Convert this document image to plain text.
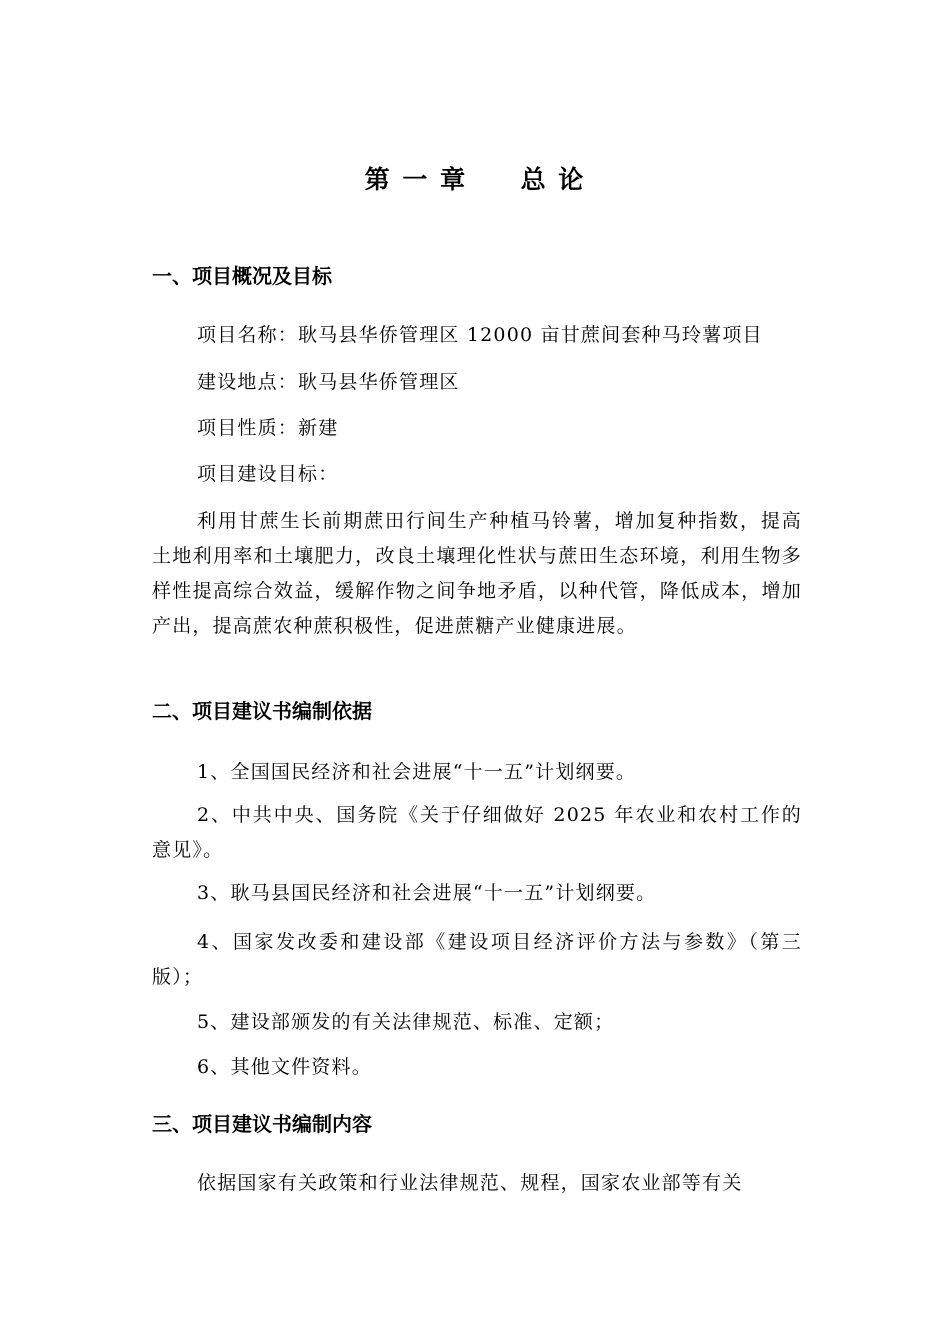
第 一 章     总 论
一、项目概况及目标
项目名称：耿马县华侨管理区 12000 亩甘蔗间套种马玲薯项目
建设地点：耿马县华侨管理区
项目性质：新建
项目建设目标：
利用甘蔗生长前期蔗田行间生产种植马铃薯，增加复种指数，提高土地利用率和土壤肥力，改良土壤理化性状与蔗田生态环境，利用生物多样性提高综合效益，缓解作物之间争地矛盾，以种代管，降低成本，增加产出，提高蔗农种蔗积极性，促进蔗糖产业健康进展。
二、项目建议书编制依据
1、全国国民经济和社会进展“十一五”计划纲要。
2、中共中央、国务院《关于仔细做好 2025 年农业和农村工作的意见》。
3、耿马县国民经济和社会进展“十一五”计划纲要。
4、国家发改委和建设部《建设项目经济评价方法与参数》（第三版）；
5、建设部颁发的有关法律规范、标准、定额；
6、其他文件资料。
三、项目建议书编制内容
依据国家有关政策和行业法律规范、规程，国家农业部等有关
